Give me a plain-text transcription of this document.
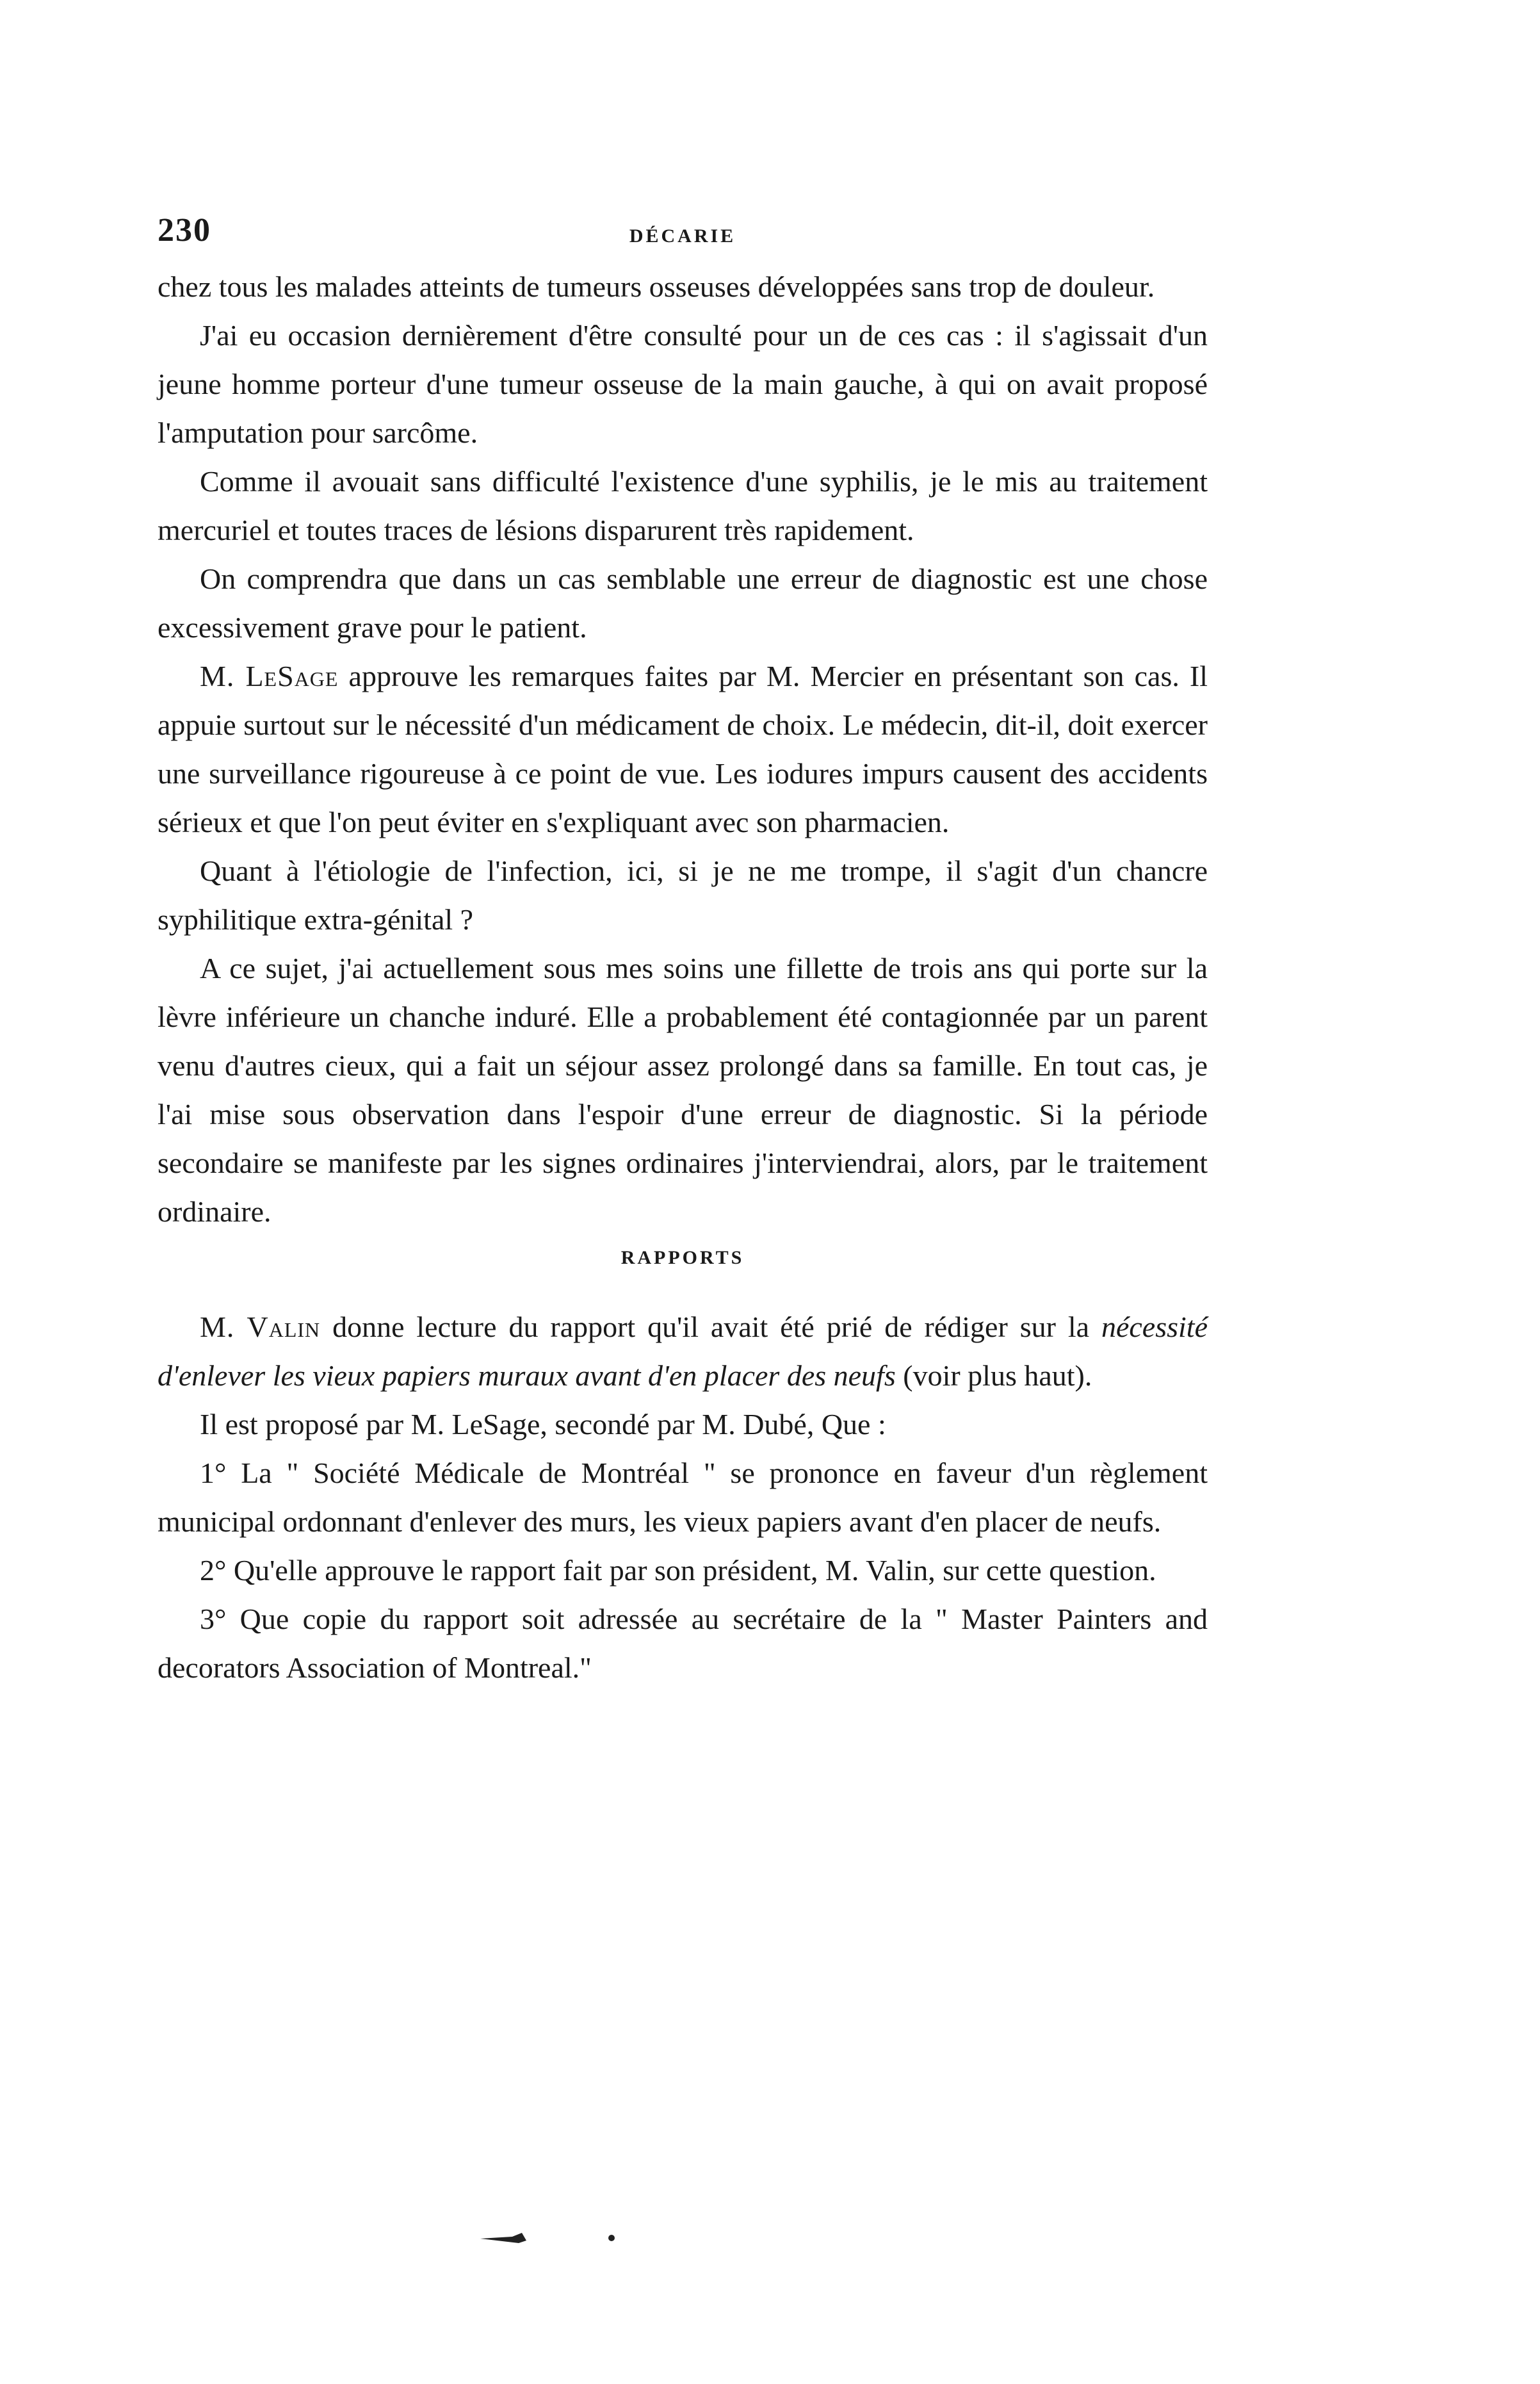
230	DÉCARIE

chez tous les malades atteints de tumeurs osseuses développées sans trop de douleur.

J'ai eu occasion dernièrement d'être consulté pour un de ces cas : il s'agissait d'un jeune homme porteur d'une tumeur osseuse de la main gauche, à qui on avait proposé l'amputation pour sarcôme.

Comme il avouait sans difficulté l'existence d'une syphilis, je le mis au traitement mercuriel et toutes traces de lésions disparurent très rapidement.

On comprendra que dans un cas semblable une erreur de diagnostic est une chose excessivement grave pour le patient.

M. LeSage approuve les remarques faites par M. Mercier en présentant son cas. Il appuie surtout sur le nécessité d'un médicament de choix. Le médecin, dit-il, doit exercer une surveillance rigoureuse à ce point de vue. Les iodures impurs causent des accidents sérieux et que l'on peut éviter en s'expliquant avec son pharmacien.

Quant à l'étiologie de l'infection, ici, si je ne me trompe, il s'agit d'un chancre syphilitique extra-génital ?

A ce sujet, j'ai actuellement sous mes soins une fillette de trois ans qui porte sur la lèvre inférieure un chanche induré. Elle a probablement été contagionnée par un parent venu d'autres cieux, qui a fait un séjour assez prolongé dans sa famille. En tout cas, je l'ai mise sous observation dans l'espoir d'une erreur de diagnostic. Si la période secondaire se manifeste par les signes ordinaires j'interviendrai, alors, par le traitement ordinaire.

RAPPORTS

M. Valin donne lecture du rapport qu'il avait été prié de rédiger sur la nécessité d'enlever les vieux papiers muraux avant d'en placer des neufs (voir plus haut).

Il est proposé par M. LeSage, secondé par M. Dubé, Que :

1° La " Société Médicale de Montréal " se prononce en faveur d'un règlement municipal ordonnant d'enlever des murs, les vieux papiers avant d'en placer de neufs.

2° Qu'elle approuve le rapport fait par son président, M. Valin, sur cette question.

3° Que copie du rapport soit adressée au secrétaire de la " Master Painters and decorators Association of Montreal."
